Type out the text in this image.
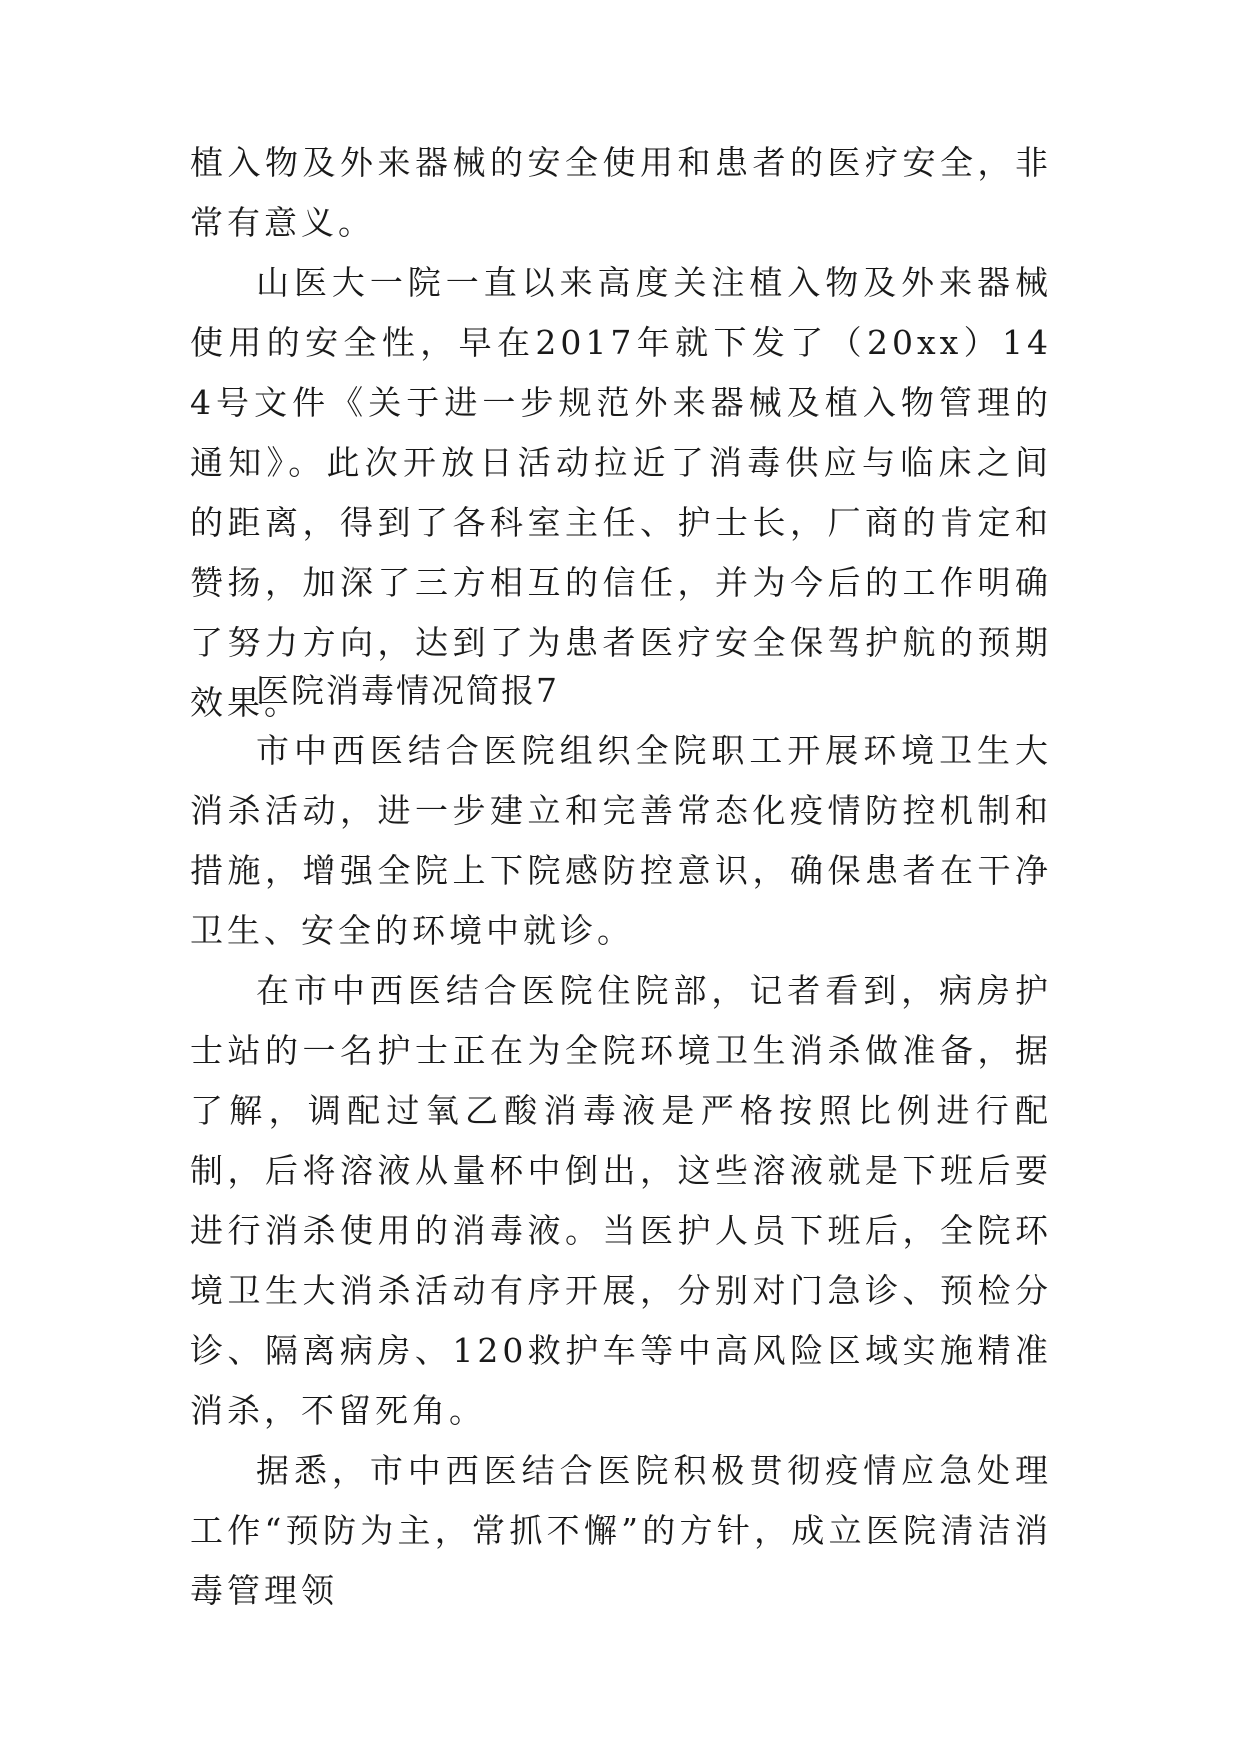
植入物及外来器械的安全使用和患者的医疗安全，非常有意义。

山医大一院一直以来高度关注植入物及外来器械使用的安全性，早在2017年就下发了（20xx）144号文件《关于进一步规范外来器械及植入物管理的通知》。此次开放日活动拉近了消毒供应与临床之间的距离，得到了各科室主任、护士长，厂商的肯定和赞扬，加深了三方相互的信任，并为今后的工作明确了努力方向，达到了为患者医疗安全保驾护航的预期效果。

医院消毒情况简报7

市中西医结合医院组织全院职工开展环境卫生大消杀活动，进一步建立和完善常态化疫情防控机制和措施，增强全院上下院感防控意识，确保患者在干净卫生、安全的环境中就诊。

在市中西医结合医院住院部，记者看到，病房护士站的一名护士正在为全院环境卫生消杀做准备，据了解，调配过氧乙酸消毒液是严格按照比例进行配制，后将溶液从量杯中倒出，这些溶液就是下班后要进行消杀使用的消毒液。当医护人员下班后，全院环境卫生大消杀活动有序开展，分别对门急诊、预检分诊、隔离病房、120救护车等中高风险区域实施精准消杀，不留死角。

据悉，市中西医结合医院积极贯彻疫情应急处理工作“预防为主，常抓不懈”的方针，成立医院清洁消毒管理领
